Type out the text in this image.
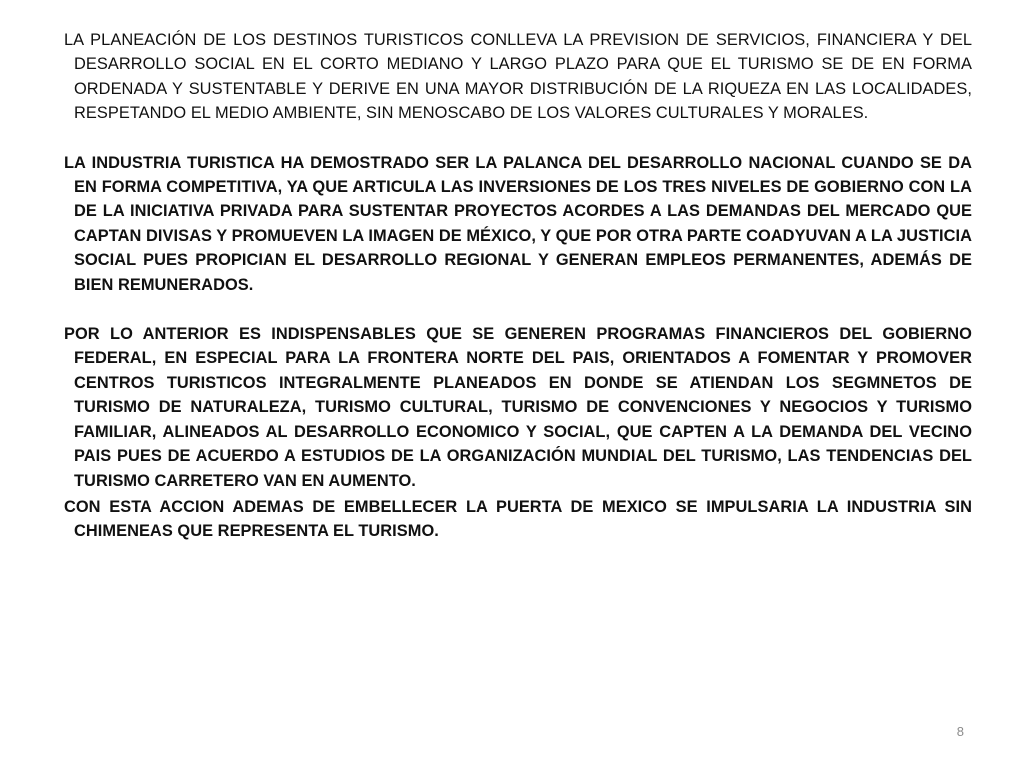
LA PLANEACIÓN DE LOS DESTINOS TURISTICOS CONLLEVA LA PREVISION DE SERVICIOS, FINANCIERA Y DEL DESARROLLO SOCIAL EN EL CORTO MEDIANO Y LARGO PLAZO PARA QUE EL TURISMO SE DE EN FORMA ORDENADA Y SUSTENTABLE Y DERIVE EN UNA MAYOR DISTRIBUCIÓN DE LA RIQUEZA EN LAS LOCALIDADES, RESPETANDO EL MEDIO AMBIENTE, SIN MENOSCABO DE LOS VALORES CULTURALES Y MORALES.

LA INDUSTRIA TURISTICA HA DEMOSTRADO SER LA PALANCA DEL DESARROLLO NACIONAL CUANDO SE DA EN FORMA COMPETITIVA, YA QUE ARTICULA LAS INVERSIONES DE LOS TRES NIVELES DE GOBIERNO CON LA DE LA INICIATIVA PRIVADA PARA SUSTENTAR PROYECTOS ACORDES A LAS DEMANDAS DEL MERCADO QUE CAPTAN DIVISAS Y PROMUEVEN LA IMAGEN DE MÉXICO, Y QUE POR OTRA PARTE COADYUVAN A LA JUSTICIA SOCIAL PUES PROPICIAN EL DESARROLLO REGIONAL Y GENERAN EMPLEOS PERMANENTES, ADEMÁS DE BIEN REMUNERADOS.

POR LO ANTERIOR ES INDISPENSABLES QUE SE GENEREN PROGRAMAS FINANCIEROS DEL GOBIERNO FEDERAL, EN ESPECIAL PARA LA FRONTERA NORTE DEL PAIS, ORIENTADOS A FOMENTAR Y PROMOVER CENTROS TURISTICOS INTEGRALMENTE PLANEADOS EN DONDE SE ATIENDAN LOS SEGMNETOS DE TURISMO DE NATURALEZA, TURISMO CULTURAL, TURISMO DE CONVENCIONES Y NEGOCIOS Y TURISMO FAMILIAR, ALINEADOS AL DESARROLLO ECONOMICO Y SOCIAL, QUE CAPTEN A LA DEMANDA DEL VECINO PAIS PUES DE ACUERDO A ESTUDIOS DE LA ORGANIZACIÓN MUNDIAL DEL TURISMO, LAS TENDENCIAS DEL TURISMO CARRETERO VAN EN AUMENTO.

CON ESTA ACCION ADEMAS DE EMBELLECER LA PUERTA DE MEXICO SE IMPULSARIA LA INDUSTRIA SIN CHIMENEAS QUE REPRESENTA EL TURISMO.

8
